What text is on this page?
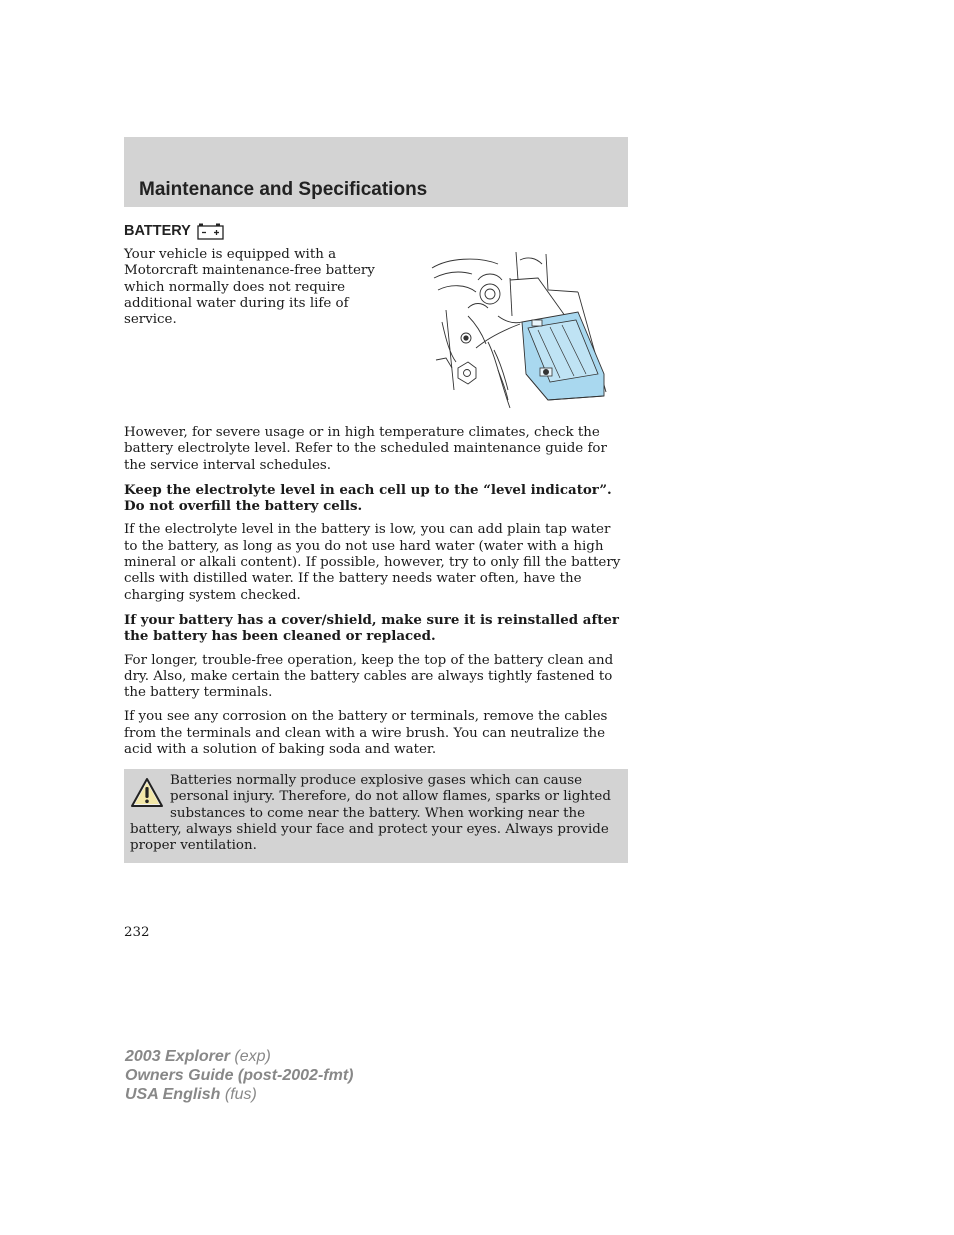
Maintenance and Specifications
BATTERY

Your vehicle is equipped with a Motorcraft maintenance-free battery which normally does not require additional water during its life of service.

However, for severe usage or in high temperature climates, check the battery electrolyte level. Refer to the scheduled maintenance guide for the service interval schedules.

Keep the electrolyte level in each cell up to the “level indicator”. Do not overfill the battery cells.

If the electrolyte level in the battery is low, you can add plain tap water to the battery, as long as you do not use hard water (water with a high mineral or alkali content). If possible, however, try to only fill the battery cells with distilled water. If the battery needs water often, have the charging system checked.

If your battery has a cover/shield, make sure it is reinstalled after the battery has been cleaned or replaced.

For longer, trouble-free operation, keep the top of the battery clean and dry. Also, make certain the battery cables are always tightly fastened to the battery terminals.

If you see any corrosion on the battery or terminals, remove the cables from the terminals and clean with a wire brush. You can neutralize the acid with a solution of baking soda and water.

Batteries normally produce explosive gases which can cause personal injury. Therefore, do not allow flames, sparks or lighted substances to come near the battery. When working near the battery, always shield your face and protect your eyes. Always provide proper ventilation.

232

2003 Explorer (exp)
Owners Guide (post-2002-fmt)
USA English (fus)
